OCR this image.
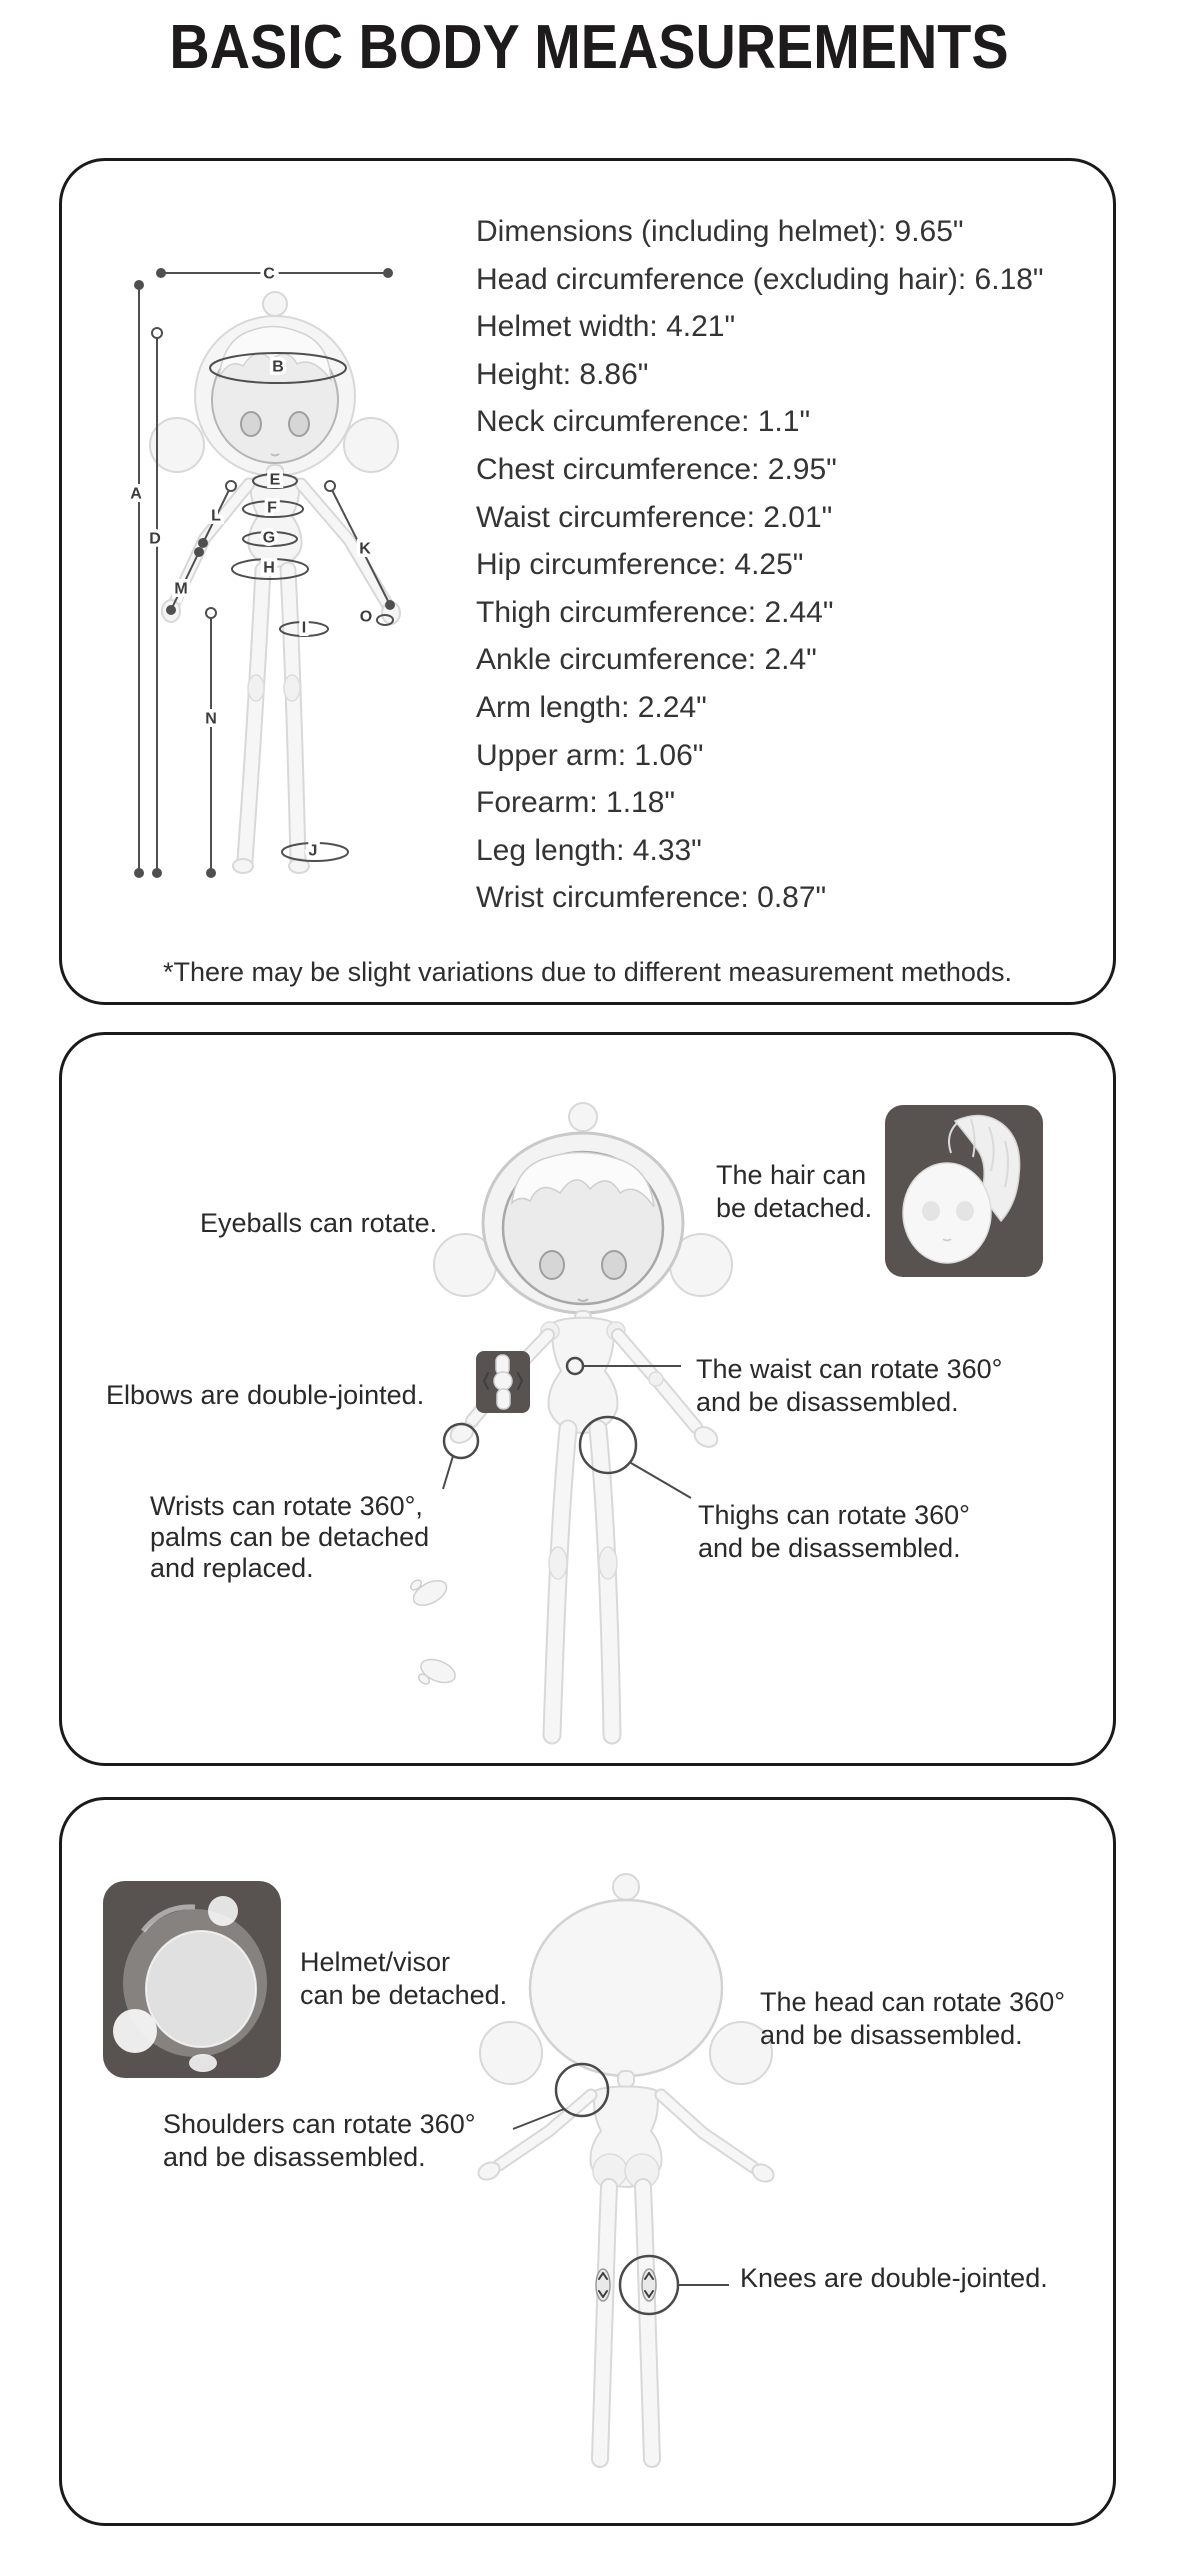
BASIC BODY MEASUREMENTS
A
B
C
D
E
F
G
H
I
J
K
L
M
N
O
Dimensions (including helmet): 9.65"
Head circumference (excluding hair): 6.18"
Helmet width: 4.21"
Height: 8.86"
Neck circumference: 1.1"
Chest circumference: 2.95"
Waist circumference: 2.01"
Hip circumference: 4.25"
Thigh circumference: 2.44"
Ankle circumference: 2.4"
Arm length: 2.24"
Upper arm: 1.06"
Forearm: 1.18"
Leg length: 4.33"
Wrist circumference: 0.87"
*There may be slight variations due to different measurement methods.
Eyeballs can rotate.
The hair can
be detached.
Elbows are double-jointed.
The waist can rotate 360°
and be disassembled.
Wrists can rotate 360°,
palms can be detached
and replaced.
Thighs can rotate 360°
and be disassembled.
Helmet/visor
can be detached.	The head can rotate 360°
and be disassembled.
Shoulders can rotate 360°
and be disassembled.
Knees are double-jointed.
